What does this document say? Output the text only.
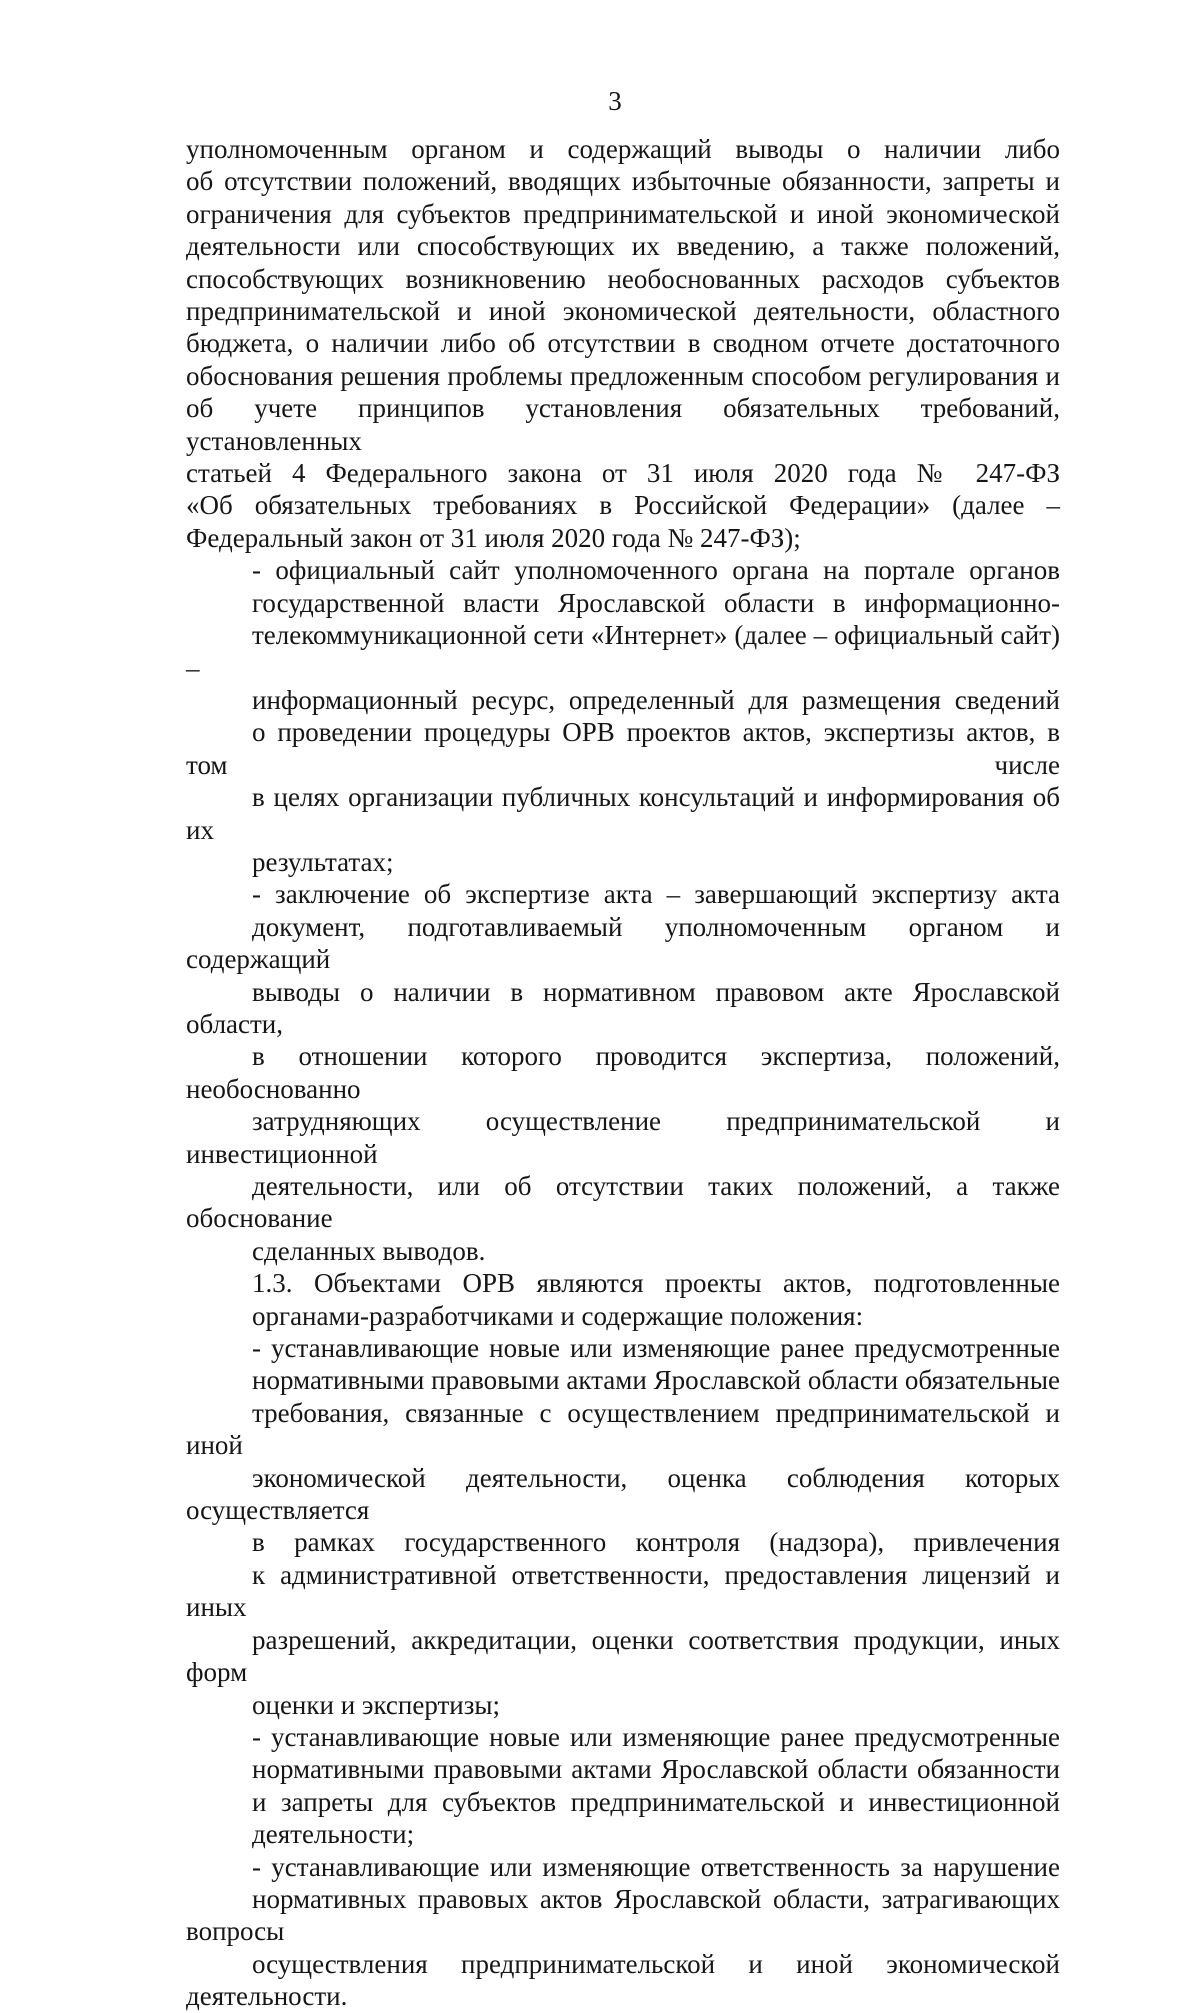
3
уполномоченным органом и содержащий выводы о наличии либо
об отсутствии положений, вводящих избыточные обязанности, запреты и
ограничения для субъектов предпринимательской и иной экономической
деятельности или способствующих их введению, а также положений,
способствующих возникновению необоснованных расходов субъектов
предпринимательской и иной экономической деятельности, областного
бюджета, о наличии либо об отсутствии в сводном отчете достаточного
обоснования решения проблемы предложенным способом регулирования и
об учете принципов установления обязательных требований, установленных
статьей 4 Федерального закона от 31 июля 2020 года № 247-ФЗ
«Об обязательных требованиях в Российской Федерации» (далее –
Федеральный закон от 31 июля 2020 года № 247-ФЗ);
- официальный сайт уполномоченного органа на портале органов
государственной власти Ярославской области в информационно-
телекоммуникационной сети «Интернет» (далее – официальный сайт) –
информационный ресурс, определенный для размещения сведений
о проведении процедуры ОРВ проектов актов, экспертизы актов, в том числе
в целях организации публичных консультаций и информирования об их
результатах;
- заключение об экспертизе акта – завершающий экспертизу акта
документ, подготавливаемый уполномоченным органом и содержащий
выводы о наличии в нормативном правовом акте Ярославской области,
в отношении которого проводится экспертиза, положений, необоснованно
затрудняющих осуществление предпринимательской и инвестиционной
деятельности, или об отсутствии таких положений, а также обоснование
сделанных выводов.
1.3. Объектами ОРВ являются проекты актов, подготовленные
органами-разработчиками и содержащие положения:
- устанавливающие новые или изменяющие ранее предусмотренные
нормативными правовыми актами Ярославской области обязательные
требования, связанные с осуществлением предпринимательской и иной
экономической деятельности, оценка соблюдения которых осуществляется
в рамках государственного контроля (надзора), привлечения
к административной ответственности, предоставления лицензий и иных
разрешений, аккредитации, оценки соответствия продукции, иных форм
оценки и экспертизы;
- устанавливающие новые или изменяющие ранее предусмотренные
нормативными правовыми актами Ярославской области обязанности
и запреты для субъектов предпринимательской и инвестиционной
деятельности;
- устанавливающие или изменяющие ответственность за нарушение
нормативных правовых актов Ярославской области, затрагивающих вопросы
осуществления предпринимательской и иной экономической деятельности.
